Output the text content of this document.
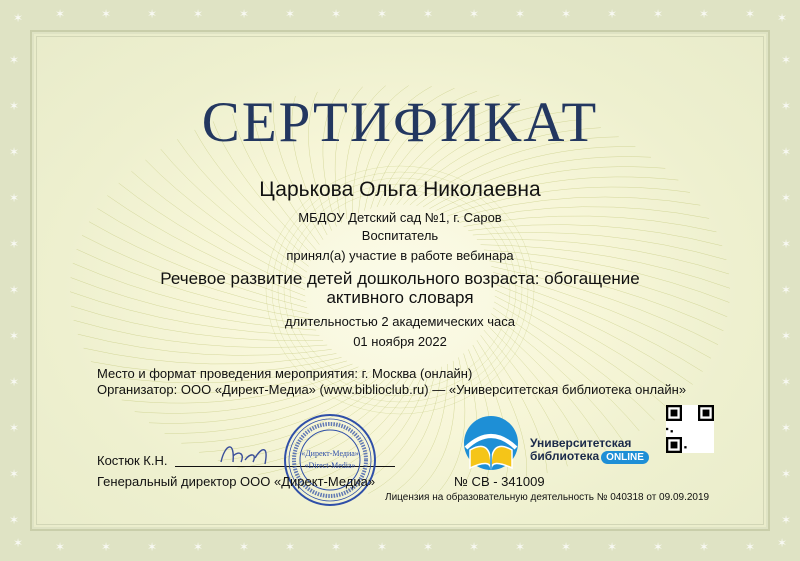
✶	✶
✶	✶
✶
✶
✶
✶
✶
✶
✶
✶
✶
✶
✶
✶
✶
✶
✶
✶
✶
✶
✶
✶
✶
✶
✶
✶
✶
✶
✶
✶
✶
✶
✶
✶
✶	✶
✶	✶
✶	✶
✶	✶
✶	✶
✶	✶
✶	✶
✶	✶
✶	✶
✶	✶
✶	✶
СЕРТИФИКАТ
Царькова Ольга Николаевна
МБДОУ Детский сад №1, г. Саров
Воспитатель
принял(а) участие в работе вебинара
Речевое развитие детей дошкольного возраста: обогащение активного словаря
длительностью 2 академических часа
01 ноября 2022
Место и формат проведения мероприятия: г. Москва (онлайн)
Организатор: ООО «Директ-Медиа» (www.biblioclub.ru) — «Университетская библиотека онлайн»
Костюк К.Н.	«Директ-Медиа»
«Direct-Media»
Генеральный директор ООО «Директ-Медиа»
Университетская
библиотека ONLINE
№ СВ - 341009
Лицензия на образовательную деятельность № 040318 от 09.09.2019
